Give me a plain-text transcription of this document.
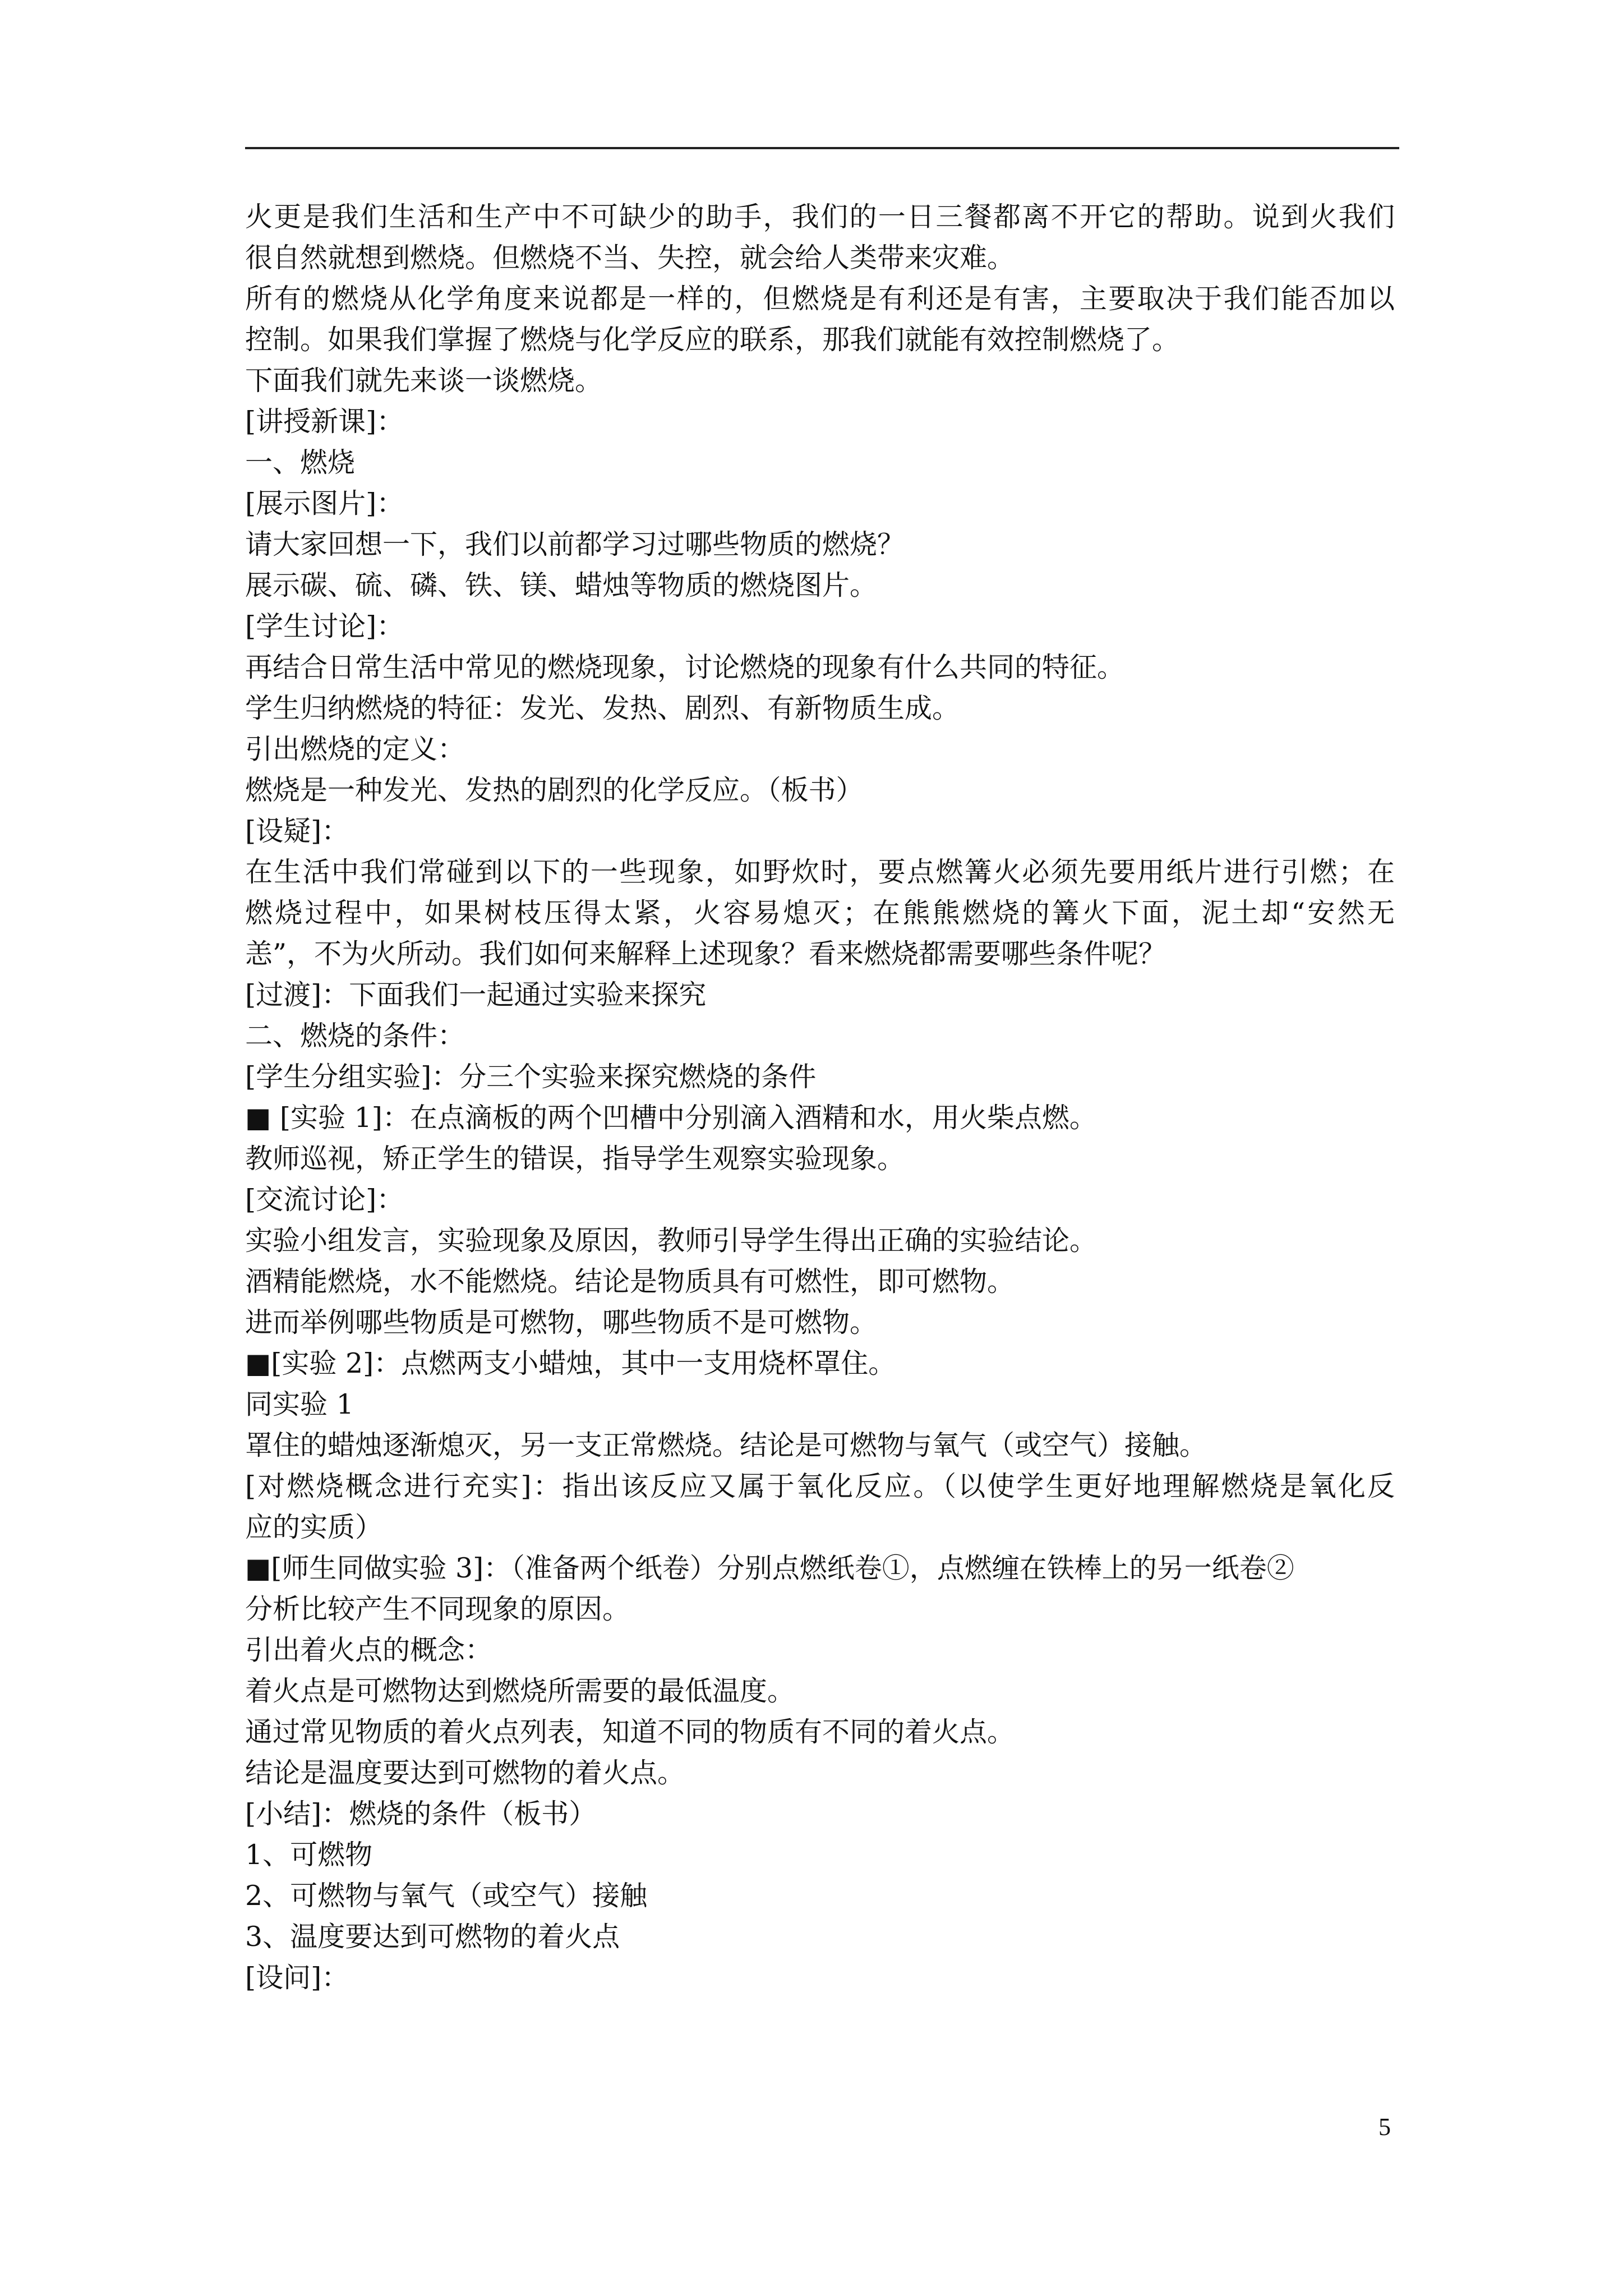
火更是我们生活和生产中不可缺少的助手，我们的一日三餐都离不开它的帮助。说到火我们
很自然就想到燃烧。但燃烧不当、失控，就会给人类带来灾难。
所有的燃烧从化学角度来说都是一样的，但燃烧是有利还是有害，主要取决于我们能否加以
控制。如果我们掌握了燃烧与化学反应的联系，那我们就能有效控制燃烧了。
下面我们就先来谈一谈燃烧。
[讲授新课]：
一、燃烧
[展示图片]：
请大家回想一下，我们以前都学习过哪些物质的燃烧？
展示碳、硫、磷、铁、镁、蜡烛等物质的燃烧图片。
[学生讨论]：
再结合日常生活中常见的燃烧现象，讨论燃烧的现象有什么共同的特征。
学生归纳燃烧的特征：发光、发热、剧烈、有新物质生成。
引出燃烧的定义：
燃烧是一种发光、发热的剧烈的化学反应。（板书）
[设疑]：
在生活中我们常碰到以下的一些现象，如野炊时，要点燃篝火必须先要用纸片进行引燃；在
燃烧过程中，如果树枝压得太紧，火容易熄灭；在熊熊燃烧的篝火下面，泥土却“安然无
恙”，不为火所动。我们如何来解释上述现象？看来燃烧都需要哪些条件呢？
[过渡]：下面我们一起通过实验来探究
二、燃烧的条件：
[学生分组实验]：分三个实验来探究燃烧的条件
■ [实验 1]：在点滴板的两个凹槽中分别滴入酒精和水，用火柴点燃。
教师巡视，矫正学生的错误，指导学生观察实验现象。
[交流讨论]：
实验小组发言，实验现象及原因，教师引导学生得出正确的实验结论。
酒精能燃烧，水不能燃烧。结论是物质具有可燃性，即可燃物。
进而举例哪些物质是可燃物，哪些物质不是可燃物。
■[实验 2]：点燃两支小蜡烛，其中一支用烧杯罩住。
同实验 1
罩住的蜡烛逐渐熄灭，另一支正常燃烧。结论是可燃物与氧气（或空气）接触。
[对燃烧概念进行充实]：指出该反应又属于氧化反应。（以使学生更好地理解燃烧是氧化反
应的实质）
■[师生同做实验 3]：（准备两个纸卷）分别点燃纸卷①，点燃缠在铁棒上的另一纸卷②
分析比较产生不同现象的原因。
引出着火点的概念：
着火点是可燃物达到燃烧所需要的最低温度。
通过常见物质的着火点列表，知道不同的物质有不同的着火点。
结论是温度要达到可燃物的着火点。
[小结]：燃烧的条件（板书）
1、可燃物
2、可燃物与氧气（或空气）接触
3、温度要达到可燃物的着火点
[设问]：
5
